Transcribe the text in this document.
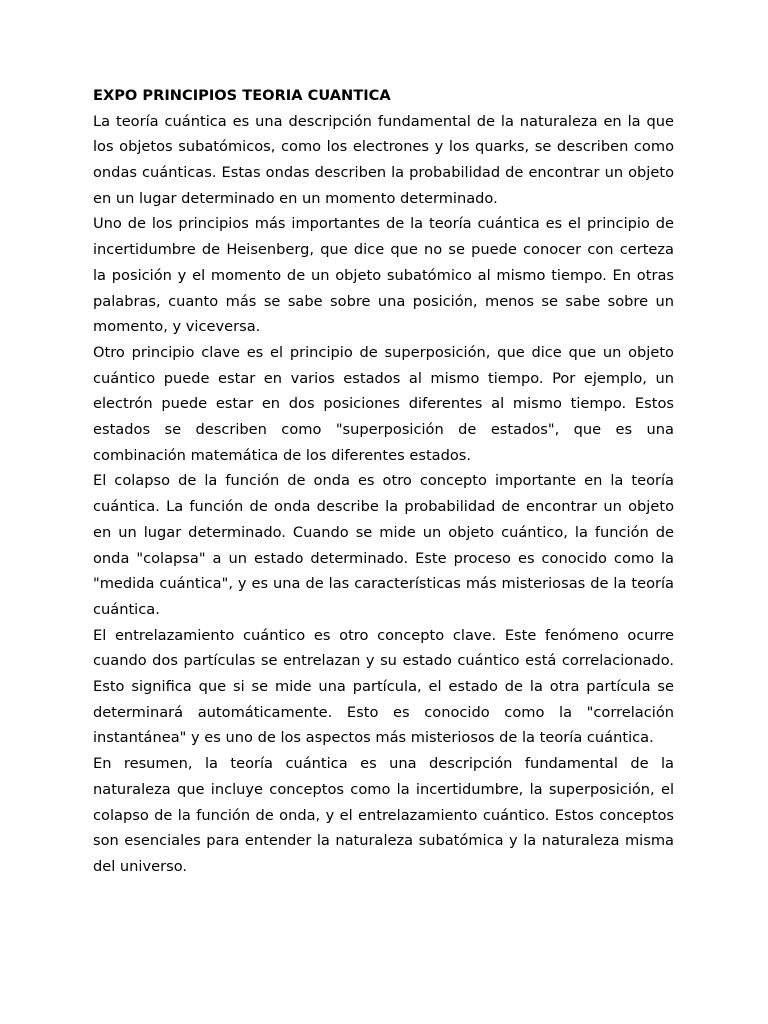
EXPO PRINCIPIOS TEORIA CUANTICA

La teoría cuántica es una descripción fundamental de la naturaleza en la que los objetos subatómicos, como los electrones y los quarks, se describen como ondas cuánticas. Estas ondas describen la probabilidad de encontrar un objeto en un lugar determinado en un momento determinado.

Uno de los principios más importantes de la teoría cuántica es el principio de incertidumbre de Heisenberg, que dice que no se puede conocer con certeza la posición y el momento de un objeto subatómico al mismo tiempo. En otras palabras, cuanto más se sabe sobre una posición, menos se sabe sobre un momento, y viceversa.

Otro principio clave es el principio de superposición, que dice que un objeto cuántico puede estar en varios estados al mismo tiempo. Por ejemplo, un electrón puede estar en dos posiciones diferentes al mismo tiempo. Estos estados se describen como "superposición de estados", que es una combinación matemática de los diferentes estados.

El colapso de la función de onda es otro concepto importante en la teoría cuántica. La función de onda describe la probabilidad de encontrar un objeto en un lugar determinado. Cuando se mide un objeto cuántico, la función de onda "colapsa" a un estado determinado. Este proceso es conocido como la "medida cuántica", y es una de las características más misteriosas de la teoría cuántica.

El entrelazamiento cuántico es otro concepto clave. Este fenómeno ocurre cuando dos partículas se entrelazan y su estado cuántico está correlacionado. Esto significa que si se mide una partícula, el estado de la otra partícula se determinará automáticamente. Esto es conocido como la "correlación instantánea" y es uno de los aspectos más misteriosos de la teoría cuántica.

En resumen, la teoría cuántica es una descripción fundamental de la naturaleza que incluye conceptos como la incertidumbre, la superposición, el colapso de la función de onda, y el entrelazamiento cuántico. Estos conceptos son esenciales para entender la naturaleza subatómica y la naturaleza misma del universo.
